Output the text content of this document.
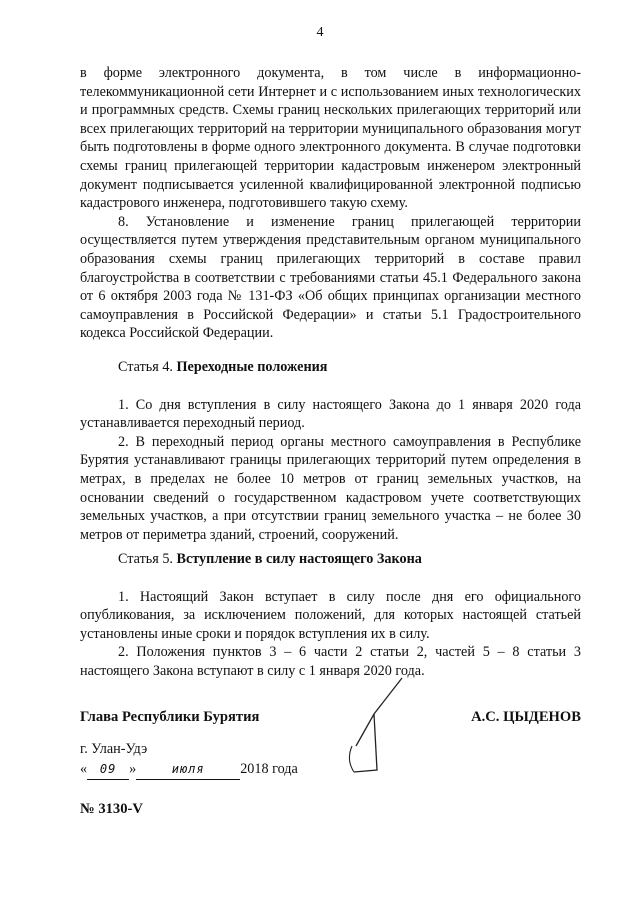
4

в форме электронного документа, в том числе в информационно-телекоммуникационной сети Интернет и с использованием иных технологических и программных средств. Схемы границ нескольких прилегающих территорий или всех прилегающих территорий на территории муниципального образования могут быть подготовлены в форме одного электронного документа. В случае подготовки схемы границ прилегающей территории кадастровым инженером электронный документ подписывается усиленной квалифицированной электронной подписью кадастрового инженера, подготовившего такую схему.

8. Установление и изменение границ прилегающей территории осуществляется путем утверждения представительным органом муниципального образования схемы границ прилегающих территорий в составе правил благоустройства в соответствии с требованиями статьи 45.1 Федерального закона от 6 октября 2003 года № 131-ФЗ «Об общих принципах организации местного самоуправления в Российской Федерации» и статьи 5.1 Градостроительного кодекса Российской Федерации.

Статья 4. Переходные положения

1. Со дня вступления в силу настоящего Закона до 1 января 2020 года устанавливается переходный период.

2. В переходный период органы местного самоуправления в Республике Бурятия устанавливают границы прилегающих территорий путем определения в метрах, в пределах не более 10 метров от границ земельных участков, на основании сведений о государственном кадастровом учете соответствующих земельных участков, а при отсутствии границ земельного участка – не более 30 метров от периметра зданий, строений, сооружений.

Статья 5. Вступление в силу настоящего Закона

1. Настоящий Закон вступает в силу после дня его официального опубликования, за исключением положений, для которых настоящей статьей установлены иные сроки и порядок вступления их в силу.

2. Положения пунктов 3 – 6 части 2 статьи 2, частей 5 – 8 статьи 3 настоящего Закона вступают в силу с 1 января 2020 года.

Глава Республики Бурятия	А.С. ЦЫДЕНОВ
г. Улан-Удэ
« 09 »	июля	2018 года
№ 3130-V
